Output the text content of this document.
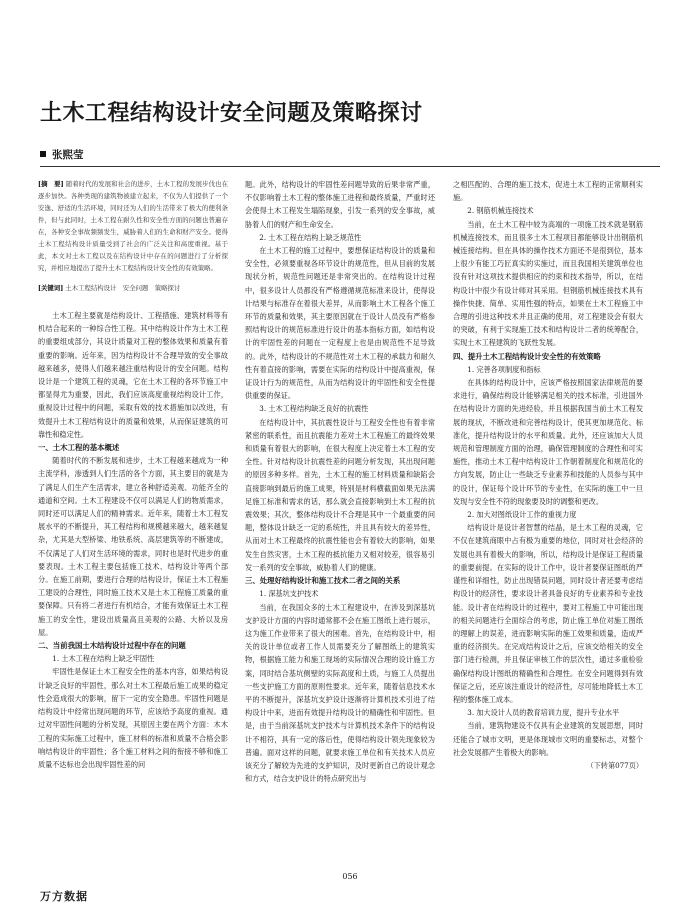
土木工程结构设计安全问题及策略探讨
张熙莹

[摘　要] 随着时代的发展和社会的进步，土木工程的发展步伐也在逐步加快。各种类现的建筑物被建立起来，不仅为人们提供了一个安逸、舒适的生活环境，同时还为人们的生活带来了极大的便利条件，但与此同时，土木工程在耐久性和安全性方面的问题也普遍存在，各种安全事故频频发生，威胁着人们的生命和财产安全。使得土木工程结构设计质量受到了社会的广泛关注和高度重视。基于此，本文对土木工程以及在结构设计中存在的问题进行了分析探究，并相应地提出了提升土木工程结构设计安全性的有效策略。

[关键词] 土木工程结构设计　安全问题　策略探讨

土木工程主要就是结构设计、工程措施、建筑材料等有机结合起来的一种综合性工程。其中结构设计作为土木工程的重要组成部分，其设计质量对工程的整体效果和质量有着重要的影响。近年来，因为结构设计不合理导致的安全事故越来越多，使得人们越来越注重结构设计的安全问题。结构设计是一个建筑工程的灵魂，它在土木工程的各环节施工中都显得尤为重要，因此，我们应该高度重视结构设计工作，重视设计过程中的问题，采取有效的技术措施加以改进，有效提升土木工程结构设计的质量和效果，从而保证建筑的可靠性和稳定性。

一、土木工程的基本概述

随着时代的不断发展和进步，土木工程越来越成为一种主流学科，渗透到人们生活的各个方面，其主要目的就是为了满足人们生产生活需求，建立各种舒适美观、功能齐全的通道和空间。土木工程建设不仅可以满足人们的物质需求，同时还可以满足人们的精神需求。近年来，随着土木工程发展水平的不断提升，其工程结构和规模越来越大，越来越复杂，尤其是大型桥梁、地铁系统、高层建筑等的不断建成，不仅满足了人们对生活环境的需求，同时也是时代进步的重要表现。土木工程主要包括施工技术、结构设计等两个部分。在施工前期，要进行合理的结构设计，保证土木工程施工建设的合理性，同时施工技术又是土木工程施工质量的重要保障。只有将二者进行有机结合，才能有效保证土木工程施工的安全性，建设出质量高且美观的公路、大桥以及房屋。

二、当前我国土木结构设计过程中存在的问题
1. 土木工程在结构上缺乏牢固性

牢固性是保证土木工程安全性的基本内容，如果结构设计缺乏良好的牢固性，那么对土木工程最后施工成果的稳定性会造成很大的影响，留下一定的安全隐患。牢固性问题是结构设计中经常出现问题的环节，应该给予高度的重视。通过对牢固性问题的分析发现，其原因主要在两个方面：木木工程的实际施工过程中，施工材料的标准和质量不合格会影响结构设计的牢固性；各个施工材料之间的衔接不够和施工质量不达标也会出现牢固性差的问

题。此外，结构设计的牢固性差问题导致的后果非常严重，不仅影响着土木工程的整体施工进程和最终质量，严重时还会使得土木工程发生塌陷现象，引发一系列的安全事故，威胁着人们的财产和生命安全。

2. 土木工程在结构上缺乏规范性

在土木工程的施工过程中，要想保证结构设计的质量和安全性，必须要重视各环节设计的规范性，但从目前的发展现状分析，规范性问题还是非常突出的。在结构设计过程中，很多设计人员都没有严格遵循规范标准来设计，使得设计结果与标准存在着很大差异，从而影响土木工程各个施工环节的质量和效果，其主要原因就在于设计人员没有严格参照结构设计的规范标准进行设计的基本指标方面，如结构设计的牢固性差的问题在一定程度上也是由规范性不足导致的。此外，结构设计的不规范性对土木工程的承载力和耐久性有着直接的影响，需要在实际的结构设计中提高重视，保证设计行为的规范性，从而为结构设计的牢固性和安全性提供重要的保证。

3. 土木工程结构缺乏良好的抗震性

在结构设计中，其抗震性设计与工程安全性也有着非常紧密的联系性，而且抗震能力差对土木工程施工的最终效果和质量有着很大的影响，在很大程度上决定着土木工程的安全性。针对结构设计抗震性差的问题分析发现，其出现问题的原因多种多样。首先，土木工程的施工材料质量和缺陷会直接影响到最后的施工成果，特别是材料横截面如果无法满足施工标准和需求的话，那么就会直接影响到土木工程的抗震效果；其次，整体结构设计不合理是其中一个最重要的问题，整体设计缺乏一定的系统性，并且具有较大的差异性，从而对土木工程最终的抗震性能也会有着较大的影响，如果发生自然灾害，土木工程的抵抗能力又相对较差，很容易引发一系列的安全事故，威胁着人们的健康。

三、处理好结构设计和施工技术二者之间的关系
1. 深基坑支护技术

当前，在我国众多的土木工程建设中，在涉及到深基坑支护设计方面的内容时通常都不会在施工图纸上进行展示，这为施工作业带来了很大的困难。首先，在结构设计中，相关的设计单位或者工作人员需要充分了解图纸上的建筑实物，根据施工能力和施工现场的实际情况合理的设计施工方案，同时结合基坑侧壁的实际高度和土质，与施工人员提出一些支护施工方面的原则性要求。近年来，随着信息技术水平的不断提升，深基坑支护设计逐渐将计算机技术引进了结构设计中来，进而有效提升结构设计的精确性和牢固性。但是，由于当前深基坑支护技术与计算机技术条件下的结构设计不相符，具有一定的落后性，使得结构设计领先现象较为普遍。面对这样的问题，就要求施工单位和有关技术人员应该充分了解较为先进的支护知识，及时更新自己的设计观念和方式，结合支护设计的特点研究出与

之相匹配的、合理的施工技术，促进土木工程的正常顺利实施。

2. 钢筋机械连接技术

当前，在土木工程中较为高端的一项施工技术就是钢筋机械连接技术，而且很多土木工程项目都能够设计出钢筋机械连接结构。但在具体的操作技术方面还不是很到位，基本上很少有能工巧匠真实的实施过，而且我国相关建筑单位也没有针对这项技术提供相应的约束和技术指导，所以，在结构设计中很少有设计师对其采用。但钢筋机械连接技术具有操作快捷、简单、实用性强的特点，如果在土木工程施工中合理的引进这种技术并且正确的使用，对工程建设会有很大的突破，有利于实现施工技术和结构设计二者的统筹配合，实现土木工程建筑的飞跃性发展。

四、提升土木工程结构设计安全性的有效策略
1. 完善各项制度和指标

在具体的结构设计中，应该严格按照国家法律规范的要求进行，确保结构设计能够满足相关的技术标准，引进国外在结构设计方面的先进经验，并且根据我国当前土木工程发展的现状，不断改进和完善结构设计，使其更加规范化、标准化，提升结构设计的水平和质量。此外，还应该加大人员规范和管理制度方面的治理，确保管理制度的合理性和可实施性，推动土木工程中结构设计工作朝着制度化和规范化的方向发展，防止让一些缺乏专业素养和技能的人员参与其中的设计，保证每个设计环节的专业性，在实际的施工中一旦发现与安全性不符的现象要及时的调整和更改。

2. 加大对图纸设计工作的重视力度

结构设计是设计者智慧的结晶，是土木工程的灵魂，它不仅在建筑商眼中占有极为重要的地位，同时对社会经济的发展也具有着极大的影响，所以，结构设计是保证工程质量的重要前提。在实际的设计工作中，设计者要保证图纸的严谨性和详细性，防止出现错误问题，同时设计者还要考虑结构设计的经济性，要求设计者具备良好的专业素养和专业技能。设计者在结构设计的过程中，要对工程施工中可能出现的相关问题进行全面综合的考虑，防止施工单位对施工图纸的理解上的误差，进而影响实际的施工效果和质量，造成严重的经济损失。在完成结构设计之后，应该交给相关的安全部门进行检测，并且保证审核工作的层次性，通过多重检验确保结构设计图纸的精确性和合理性。在安全问题得到有效保证之后，还应该注重设计的经济性，尽可能地降低土木工程的整体施工成本。

3. 加大设计人员的教育培训力度，提升专业水平

当前，建筑物建设不仅具有企业建筑的发展思想，同时还能合了城市文明，更是体现城市文明的重要标志，对整个社会发展都产生着极大的影响。

（下转第077页）

056
万方数据
